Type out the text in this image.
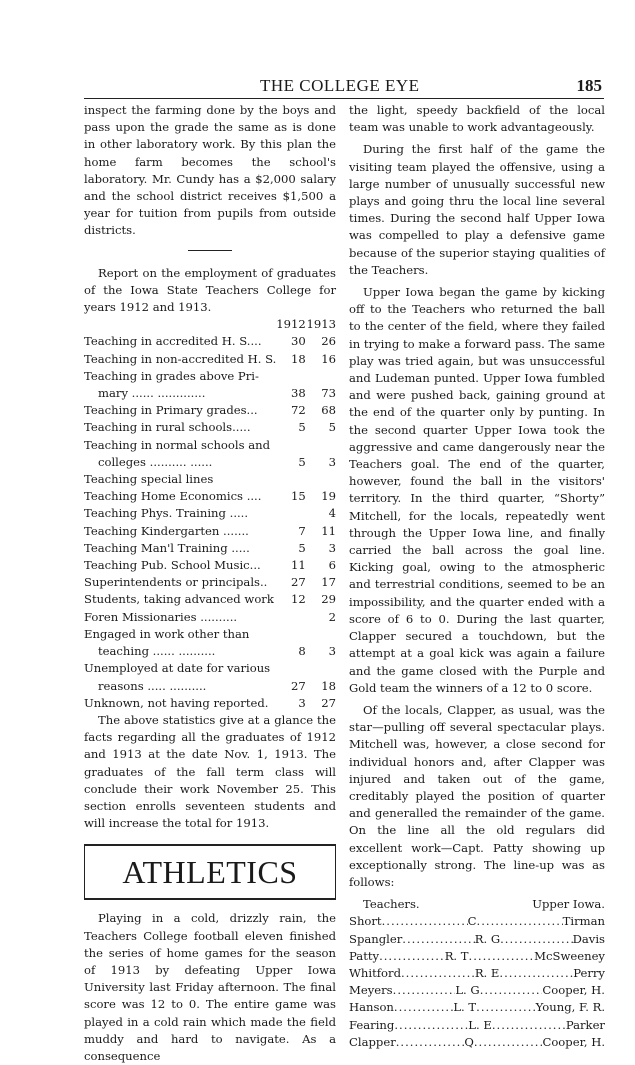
THE COLLEGE EYE	185

inspect the farming done by the boys and pass upon the grade the same as is done in other laboratory work. By this plan the home farm becomes the school's laboratory. Mr. Cundy has a $2,000 salary and the school district receives $1,500 a year for tuition from pupils from outside districts.

Report on the employment of graduates of the Iowa State Teachers College for years 1912 and 1913.

	1912	1913
Teaching in accredited H. S....	30	26
Teaching in non-accredited H. S.	18	16
Teaching in grades above Pri-		
mary ...... .............	38	73
Teaching in Primary grades...	72	68
Teaching in rural schools.....	5	5
Teaching in normal schools and		
colleges .......... ......	5	3
Teaching special lines		
Teaching Home Economics ....	15	19
Teaching Phys. Training .....		4
Teaching Kindergarten .......	7	11
Teaching Man'l Training .....	5	3
Teaching Pub. School Music...	11	6
Superintendents or principals..	27	17
Students, taking advanced work	12	29
Foren Missionaries ..........		2
Engaged in work other than		
teaching ...... ..........	8	3
Unemployed at date for various		
reasons ..... ..........	27	18
Unknown, not having reported.	3	27

The above statistics give at a glance the facts regarding all the graduates of 1912 and 1913 at the date Nov. 1, 1913. The graduates of the fall term class will conclude their work November 25. This section enrolls seventeen students and will increase the total for 1913.

ATHLETICS

Playing in a cold, drizzly rain, the Teachers College football eleven finished the series of home games for the season of 1913 by defeating Upper Iowa University last Friday afternoon. The final score was 12 to 0. The entire game was played in a cold rain which made the field muddy and hard to navigate. As a consequence

the light, speedy backfield of the local team was unable to work advantageously.

During the first half of the game the visiting team played the offensive, using a large number of unusually successful new plays and going thru the local line several times. During the second half Upper Iowa was compelled to play a defensive game because of the superior staying qualities of the Teachers.

Upper Iowa began the game by kicking off to the Teachers who returned the ball to the center of the field, where they failed in trying to make a forward pass. The same play was tried again, but was unsuccessful and Ludeman punted. Upper Iowa fumbled and were pushed back, gaining ground at the end of the quarter only by punting. In the second quarter Upper Iowa took the aggressive and came dangerously near the Teachers goal. The end of the quarter, however, found the ball in the visitors' territory. In the third quarter, “Shorty” Mitchell, for the locals, repeatedly went through the Upper Iowa line, and finally carried the ball across the goal line. Kicking goal, owing to the atmospheric and terrestrial conditions, seemed to be an impossibility, and the quarter ended with a score of 6 to 0. During the last quarter, Clapper secured a touchdown, but the attempt at a goal kick was again a failure and the game closed with the Purple and Gold team the winners of a 12 to 0 score.

Of the locals, Clapper, as usual, was the star—pulling off several spectacular plays. Mitchell was, however, a close second for individual honors and, after Clapper was injured and taken out of the game, creditably played the position of quarter and generalled the remainder of the game. On the line all the old regulars did excellent work—Capt. Patty showing up exceptionally strong. The line-up was as follows:

Teachers.	Upper Iowa.
Short .....	C .....	Tirman
Spangler .....	R. G .....	Davis
Patty .....	R. T .....	McSweeney
Whitford .....	R. E .....	Perry
Meyers .....	L. G .....	Cooper, H.
Hanson .....	L. T .....	Young, F. R.
Fearing .....	L. E .....	Parker
Clapper .....	Q .....	Cooper, H.
